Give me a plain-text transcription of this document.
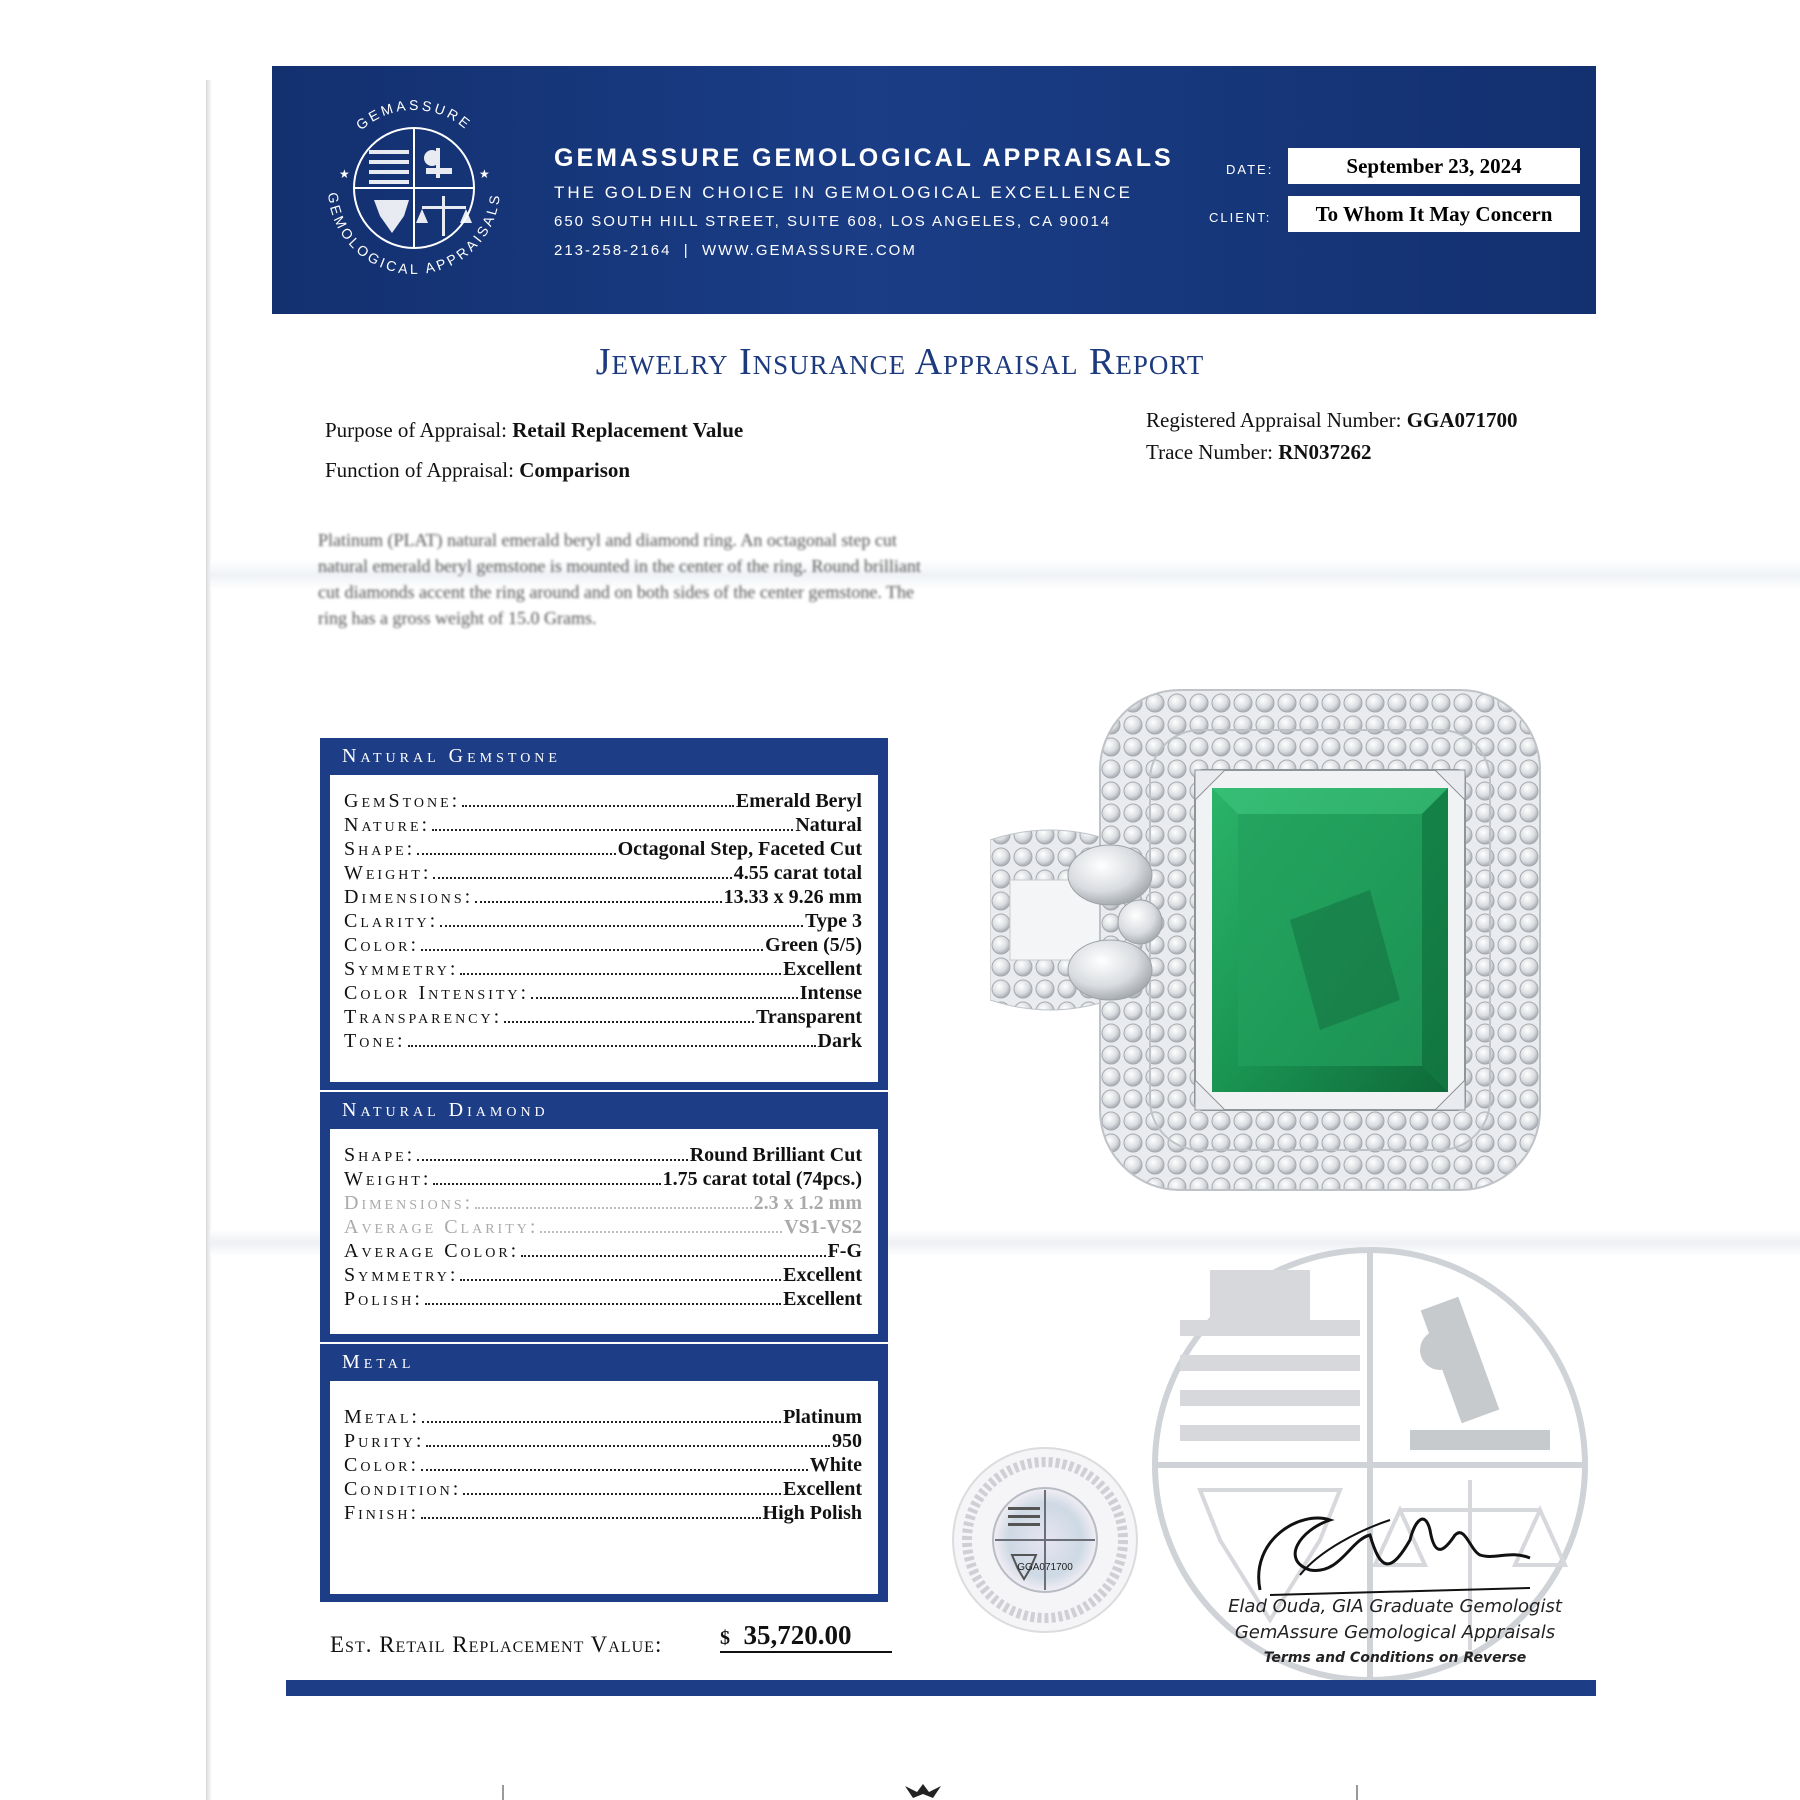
GEMASSURE
GEMOLOGICAL APPRAISALS
★	★
GEMASSURE GEMOLOGICAL APPRAISALS
THE GOLDEN CHOICE IN GEMOLOGICAL EXCELLENCE
650 SOUTH HILL STREET, SUITE 608, LOS ANGELES, CA 90014
213-258-2164 | WWW.GEMASSURE.COM
DATE:	September 23, 2024
CLIENT:	To Whom It May Concern
Jewelry Insurance Appraisal Report
Purpose of Appraisal: Retail Replacement Value
Function of Appraisal: Comparison
Registered Appraisal Number: GGA071700
Trace Number: RN037262
Platinum (PLAT) natural emerald beryl and diamond ring. An octagonal step cut natural emerald beryl gemstone is mounted in the center of the ring. Round brilliant cut diamonds accent the ring around and on both sides of the center gemstone. The ring has a gross weight of 15.0 Grams.
Natural Gemstone
GemStone:	Emerald Beryl
Nature:	Natural
Shape:	Octagonal Step, Faceted Cut
Weight:	4.55 carat total
Dimensions:	13.33 x 9.26 mm
Clarity:	Type 3
Color:	Green (5/5)
Symmetry:	Excellent
Color Intensity:	Intense
Transparency:	Transparent
Tone:	Dark
Natural Diamond
Shape:	Round Brilliant Cut
Weight:	1.75 carat total (74pcs.)
Dimensions:	2.3 x 1.2 mm
Average Clarity:	VS1-VS2
Average Color:	F-G
Symmetry:	Excellent
Polish:	Excellent
Metal
Metal:	Platinum
Purity:	950
Color:	White
Condition:	Excellent
Finish:	High Polish
Est. Retail Replacement Value:	$ 35,720.00
GGA071700
Elad Ouda, GIA Graduate Gemologist
GemAssure Gemological Appraisals
Terms and Conditions on Reverse
